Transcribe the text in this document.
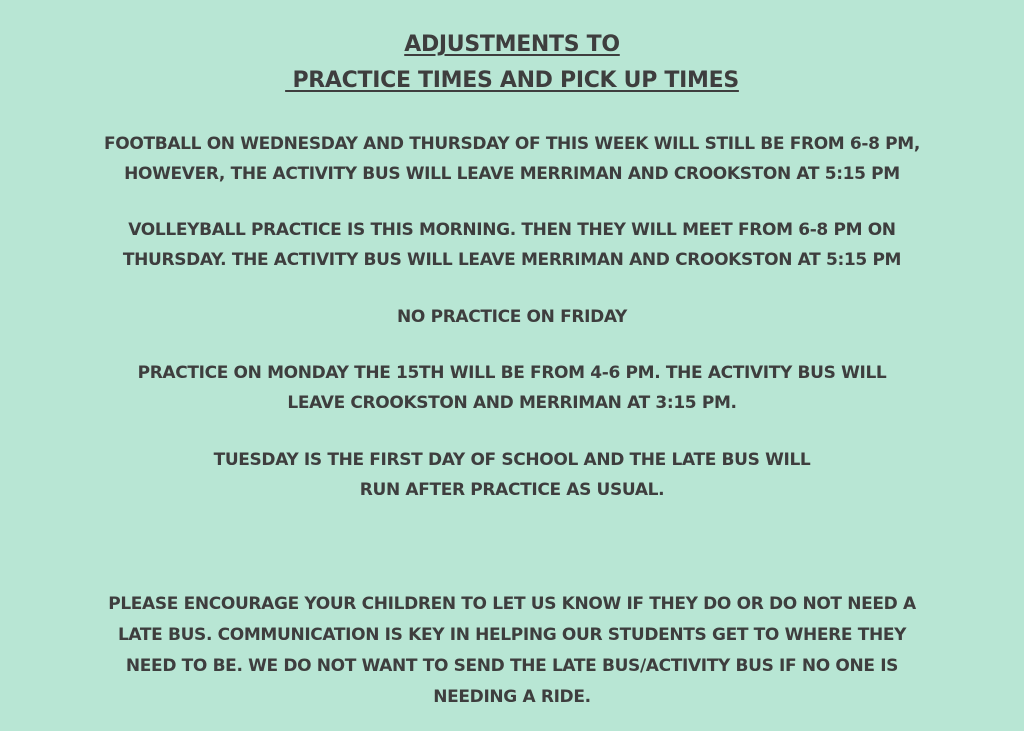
ADJUSTMENTS TO
PRACTICE TIMES AND PICK UP TIMES

FOOTBALL ON WEDNESDAY AND THURSDAY OF THIS WEEK WILL STILL BE FROM 6-8 PM,
HOWEVER, THE ACTIVITY BUS WILL LEAVE MERRIMAN AND CROOKSTON AT 5:15 PM

VOLLEYBALL PRACTICE IS THIS MORNING. THEN THEY WILL MEET FROM 6-8 PM ON
THURSDAY. THE ACTIVITY BUS WILL LEAVE MERRIMAN AND CROOKSTON AT 5:15 PM

NO PRACTICE ON FRIDAY

PRACTICE ON MONDAY THE 15TH WILL BE FROM 4-6 PM. THE ACTIVITY BUS WILL
LEAVE CROOKSTON AND MERRIMAN AT 3:15 PM.

TUESDAY IS THE FIRST DAY OF SCHOOL AND THE LATE BUS WILL
RUN AFTER PRACTICE AS USUAL.

PLEASE ENCOURAGE YOUR CHILDREN TO LET US KNOW IF THEY DO OR DO NOT NEED A
LATE BUS. COMMUNICATION IS KEY IN HELPING OUR STUDENTS GET TO WHERE THEY
NEED TO BE. WE DO NOT WANT TO SEND THE LATE BUS/ACTIVITY BUS IF NO ONE IS
NEEDING A RIDE.
